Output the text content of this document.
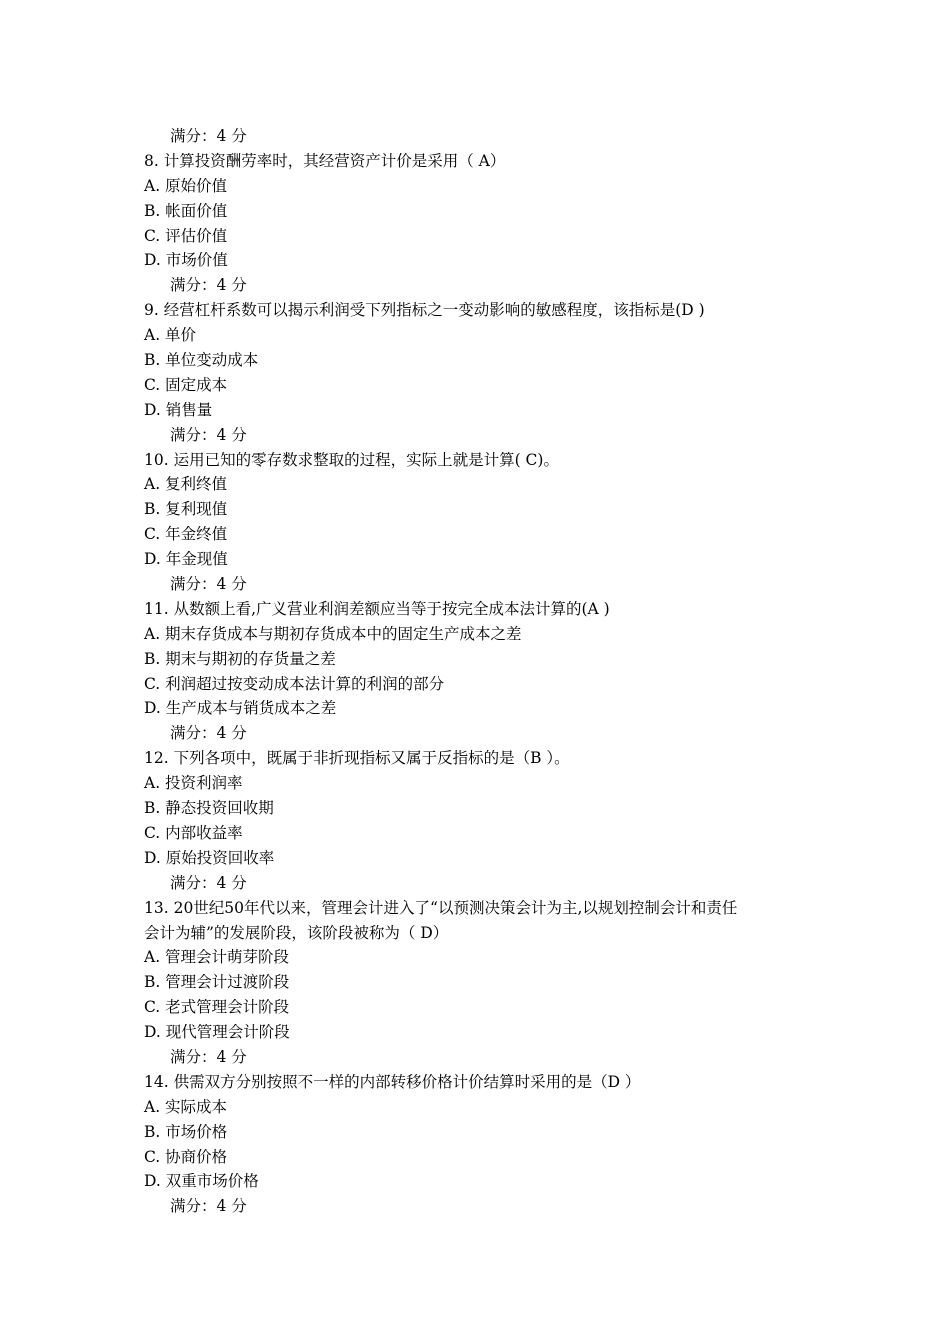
满分：4 分
8. 计算投资酬劳率时，其经营资产计价是采用（ A）
A. 原始价值
B. 帐面价值
C. 评估价值
D. 市场价值
满分：4 分
9. 经营杠杆系数可以揭示利润受下列指标之一变动影响的敏感程度，该指标是(D )
A. 单价
B. 单位变动成本
C. 固定成本
D. 销售量
满分：4 分
10. 运用已知的零存数求整取的过程，实际上就是计算( C)。
A. 复利终值
B. 复利现值
C. 年金终值
D. 年金现值
满分：4 分
11. 从数额上看,广义营业利润差额应当等于按完全成本法计算的(A )
A. 期末存货成本与期初存货成本中的固定生产成本之差
B. 期末与期初的存货量之差
C. 利润超过按变动成本法计算的利润的部分
D. 生产成本与销货成本之差
满分：4 分
12. 下列各项中，既属于非折现指标又属于反指标的是（B ）。
A. 投资利润率
B. 静态投资回收期
C. 内部收益率
D. 原始投资回收率
满分：4 分
13. 20世纪50年代以来，管理会计进入了“以预测决策会计为主,以规划控制会计和责任
会计为辅”的发展阶段，该阶段被称为（ D）
A. 管理会计萌芽阶段
B. 管理会计过渡阶段
C. 老式管理会计阶段
D. 现代管理会计阶段
满分：4 分
14. 供需双方分别按照不一样的内部转移价格计价结算时采用的是（D ）
A. 实际成本
B. 市场价格
C. 协商价格
D. 双重市场价格
满分：4 分
